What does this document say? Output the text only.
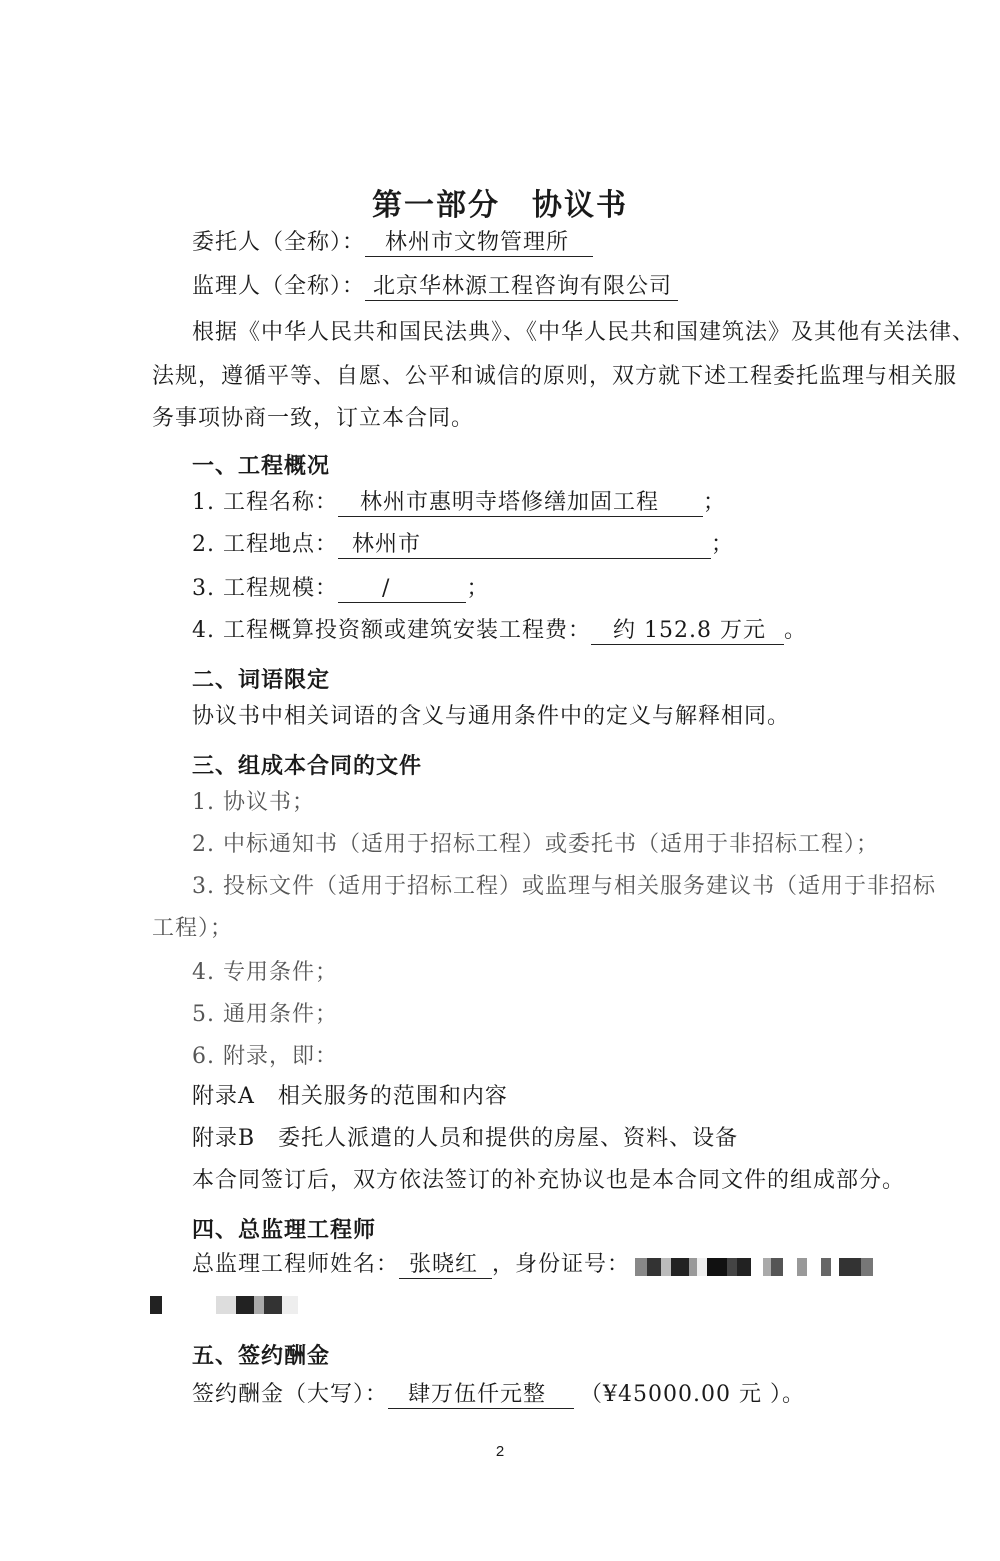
第一部分　协议书
委托人（全称）： 林州市文物管理所
监理人（全称）： 北京华林源工程咨询有限公司
根据《中华人民共和国民法典》、《中华人民共和国建筑法》及其他有关法律、
法规，遵循平等、自愿、公平和诚信的原则，双方就下述工程委托监理与相关服
务事项协商一致，订立本合同。
一、工程概况
1. 工程名称： 林州市惠明寺塔修缮加固工程 ；
2. 工程地点： 林州市	；
3. 工程规模： /	；
4. 工程概算投资额或建筑安装工程费： 约 152.8 万元 。
二、词语限定
协议书中相关词语的含义与通用条件中的定义与解释相同。
三、组成本合同的文件
1. 协议书；
2. 中标通知书（适用于招标工程）或委托书（适用于非招标工程）；
3. 投标文件（适用于招标工程）或监理与相关服务建议书（适用于非招标
工程）；
4. 专用条件；
5. 通用条件；
6. 附录，即：
附录A　相关服务的范围和内容
附录B　委托人派遣的人员和提供的房屋、资料、设备
本合同签订后，双方依法签订的补充协议也是本合同文件的组成部分。
四、总监理工程师
总监理工程师姓名： 张晓红 ，身份证号：
五、签约酬金
签约酬金（大写）： 肆万伍仟元整 （¥45000.00 元 ）。
2
